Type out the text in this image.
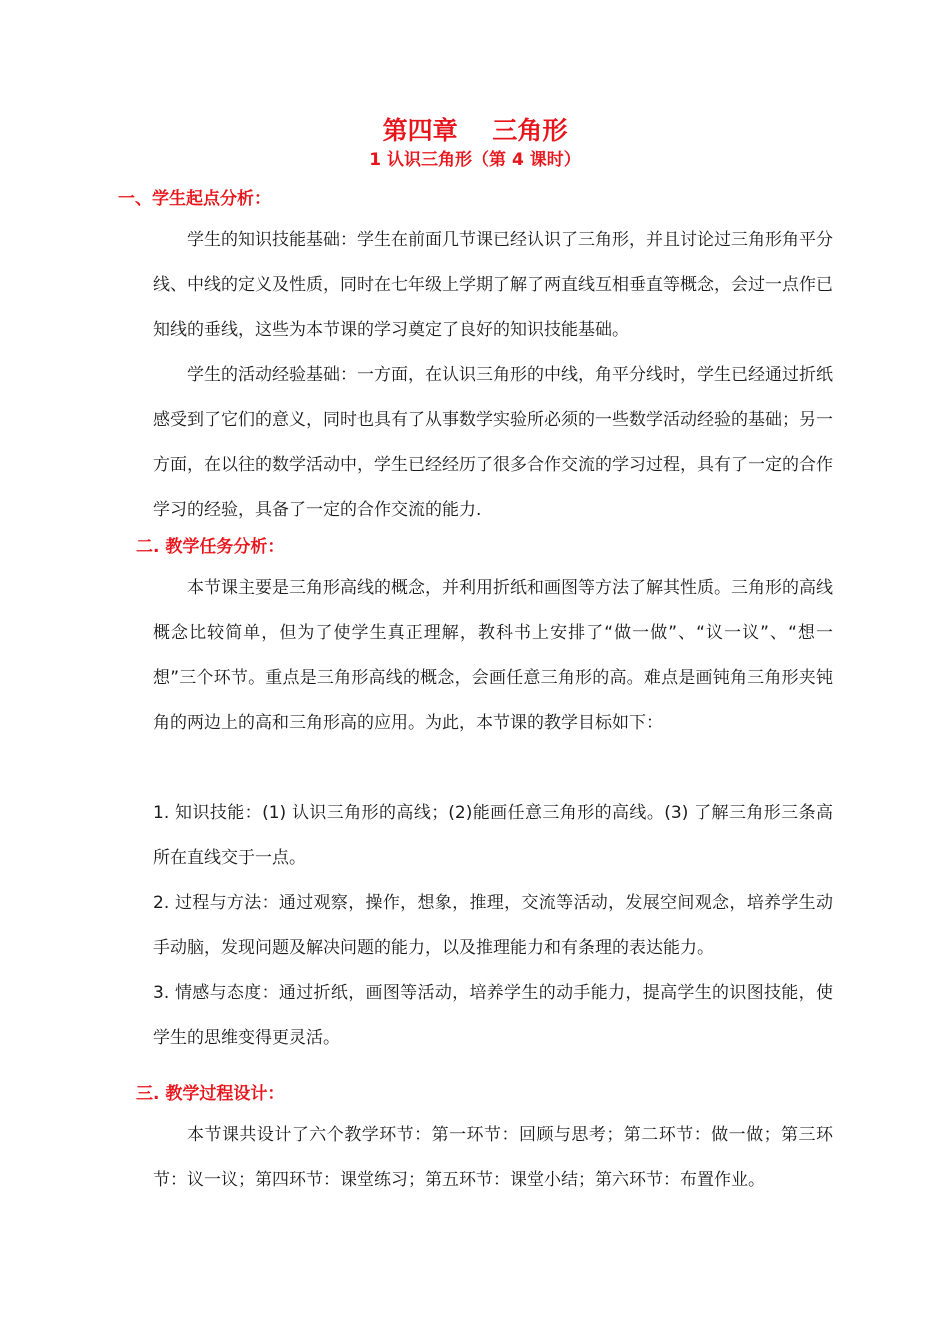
第四章    三角形
1 认识三角形（第 4 课时）
一、学生起点分析：
学生的知识技能基础：学生在前面几节课已经认识了三角形，并且讨论过三角形角平分线、中线的定义及性质，同时在七年级上学期了解了两直线互相垂直等概念，会过一点作已知线的垂线，这些为本节课的学习奠定了良好的知识技能基础。
学生的活动经验基础：一方面，在认识三角形的中线，角平分线时，学生已经通过折纸感受到了它们的意义，同时也具有了从事数学实验所必须的一些数学活动经验的基础；另一方面，在以往的数学活动中，学生已经经历了很多合作交流的学习过程，具有了一定的合作学习的经验，具备了一定的合作交流的能力.
二. 教学任务分析：
本节课主要是三角形高线的概念，并利用折纸和画图等方法了解其性质。三角形的高线概念比较简单，但为了使学生真正理解，教科书上安排了“做一做”、“议一议”、“想一想”三个环节。重点是三角形高线的概念，会画任意三角形的高。难点是画钝角三角形夹钝角的两边上的高和三角形高的应用。为此，本节课的教学目标如下：
1. 知识技能：(1) 认识三角形的高线；(2)能画任意三角形的高线。(3) 了解三角形三条高所在直线交于一点。
2. 过程与方法：通过观察，操作，想象，推理，交流等活动，发展空间观念，培养学生动手动脑，发现问题及解决问题的能力，以及推理能力和有条理的表达能力。
3. 情感与态度：通过折纸，画图等活动，培养学生的动手能力，提高学生的识图技能，使学生的思维变得更灵活。
三. 教学过程设计：
本节课共设计了六个教学环节：第一环节：回顾与思考；第二环节：做一做；第三环节：议一议；第四环节：课堂练习；第五环节：课堂小结；第六环节：布置作业。
